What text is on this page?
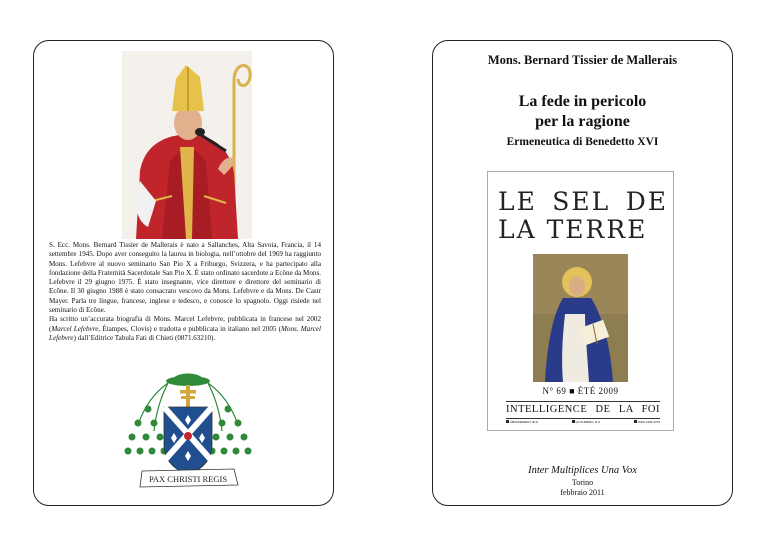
S. Ecc. Mons. Bernard Tissier de Mallerais è nato a Sallanches, Alta Savoia, Francia, il 14 settembre 1945. Dopo aver conseguito la laurea in biologia, nell’ottobre del 1969 ha raggiunto Mons. Lefebvre al nuovo seminario San Pio X a Friburgo, Svizzera, e ha partecipato alla fondazione della Fraternità Sacerdotale San Pio X. È stato ordinato sacerdote a Ecône da Mons. Lefebvre il 29 giugno 1975. È stato insegnante, vice direttore e direttore del seminario di Ecône. Il 30 giugno 1988 è stato consacrato vescovo da Mons. Lefebvre e da Mons. De Castr Mayer. Parla tre lingue, francese, inglese e tedesco, e conosce lo spagnolo. Oggi risiede nel seminario di Ecône.

Ha scritto un’accurata biografia di Mons. Marcel Lefebvre, pubblicata in francese nel 2002 (Marcel Lefebvre, Étampes, Clovis) e tradotta e pubblicata in italiano nel 2005 (Mons. Marcel Lefebvre) dall’Editrice Tabula Fati di Chieti (0871.63210).

PAX CHRISTI REGIS
Mons. Bernard Tissier de Mallerais
La fede in pericolo
per la ragione
Ermeneutica di Benedetto XVI
LE SEL DE
LA TERRE
N° 69 ■ ÉTÉ 2009
INTELLIGENCE DE LA FOI
ABONNEMENT 40 €	LE NUMÉRO 11 €	ISSN 1269-4703
Inter Multiplices Una Vox
Torino
febbraio 2011
